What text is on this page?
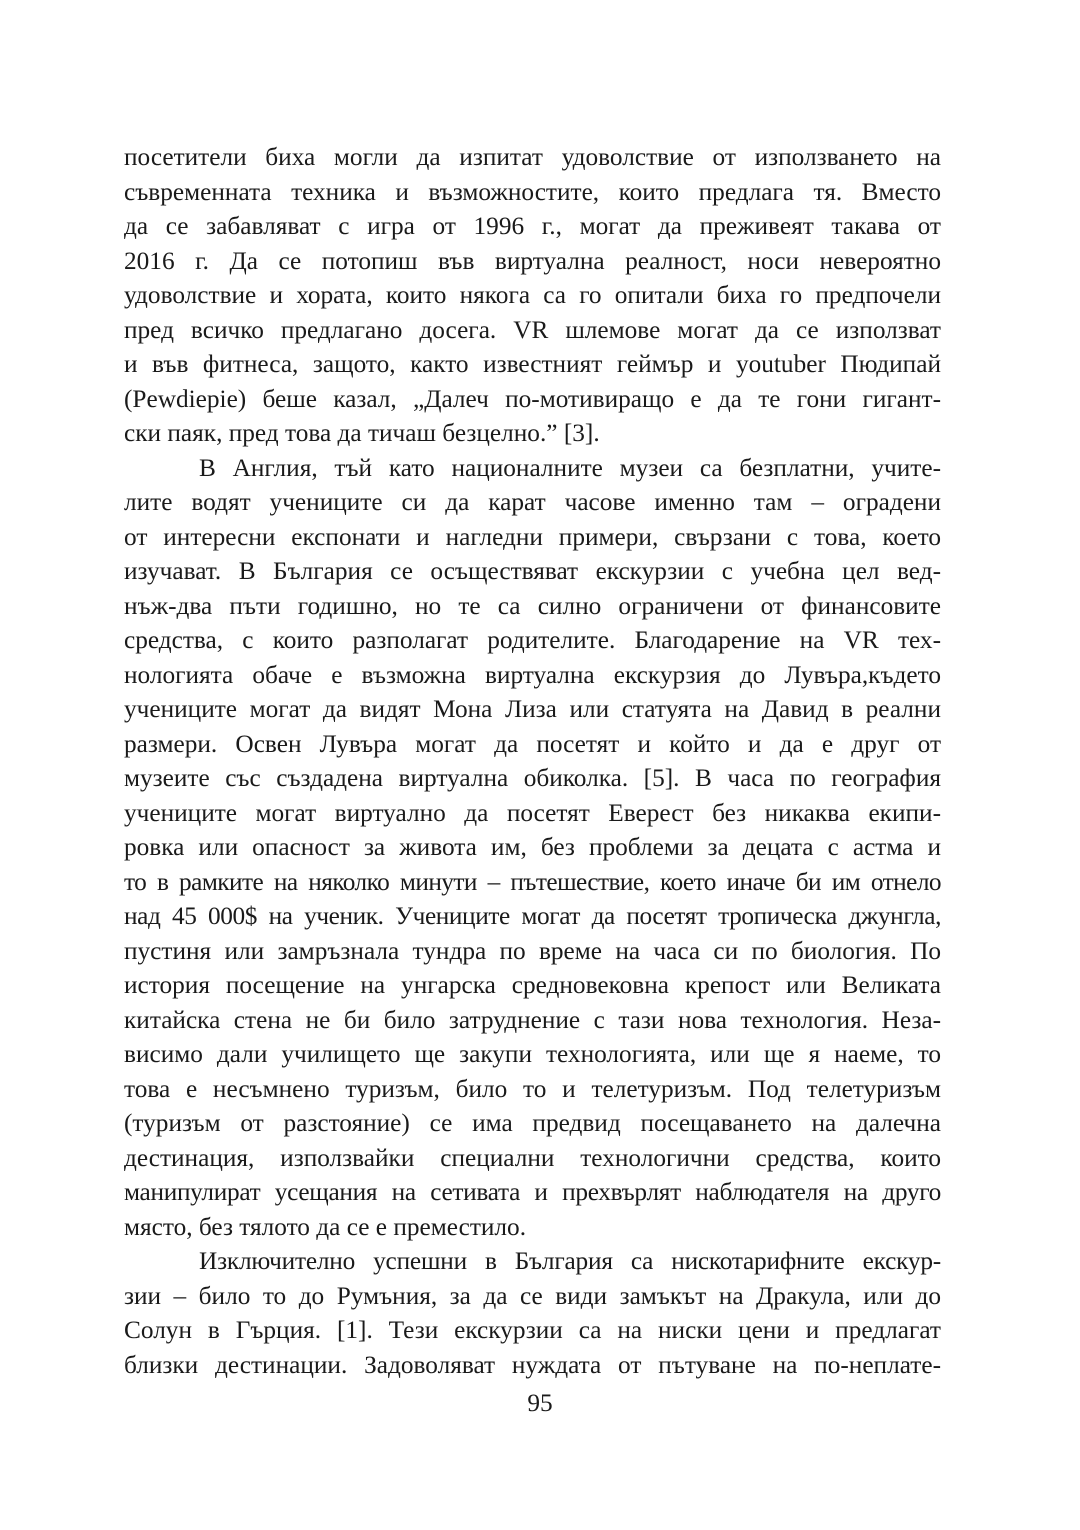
посетители биха могли да изпитат удоволствие от използването на
съвременната техника и възможностите, които предлага тя. Вместо
да се забавляват с игра от 1996 г., могат да преживеят такава от
2016 г. Да се потопиш във виртуална реалност, носи невероятно
удоволствие и хората, които някога са го опитали биха го предпочели
пред всичко предлагано досега. VR шлемове могат да се използват
и във фитнеса, защото, както известният геймър и youtuber Пюдипай
(Pewdiepie) беше казал, „Далеч по-мотивиращо е да те гони гигант-
ски паяк, пред това да тичаш безцелно.” [3].
В Англия, тъй като националните музеи са безплатни, учите-
лите водят учениците си да карат часове именно там – оградени
от интересни експонати и нагледни примери, свързани с това, което
изучават. В България се осъществяват екскурзии с учебна цел вед-
нъж-два пъти годишно, но те са силно ограничени от финансовите
средства, с които разполагат родителите. Благодарение на VR тех-
нологията обаче е възможна виртуална екскурзия до Лувъра,където
учениците могат да видят Мона Лиза или статуята на Давид в реални
размери. Освен Лувъра могат да посетят и който и да е друг от
музеите със създадена виртуална обиколка. [5]. В часа по география
учениците могат виртуално да посетят Еверест без никаква екипи-
ровка или опасност за живота им, без проблеми за децата с астма и
то в рамките на няколко минути – пътешествие, което иначе би им отнело
над 45 000$ на ученик. Учениците могат да посетят тропическа джунгла,
пустиня или замръзнала тундра по време на часа си по биология. По
история посещение на унгарска средновековна крепост или Великата
китайска стена не би било затруднение с тази нова технология. Неза-
висимо дали училището ще закупи технологията, или ще я наеме, то
това е несъмнено туризъм, било то и телетуризъм. Под телетуризъм
(туризъм от разстояние) се има предвид посещаването на далечна
дестинация, използвайки специални технологични средства, които
манипулират усещания на сетивата и прехвърлят наблюдателя на друго
място, без тялото да се е преместило.
Изключително успешни в България са нискотарифните екскур-
зии – било то до Румъния, за да се види замъкът на Дракула, или до
Солун в Гърция. [1]. Тези екскурзии са на ниски цени и предлагат
близки дестинации. Задоволяват нуждата от пътуване на по-неплате-
95
